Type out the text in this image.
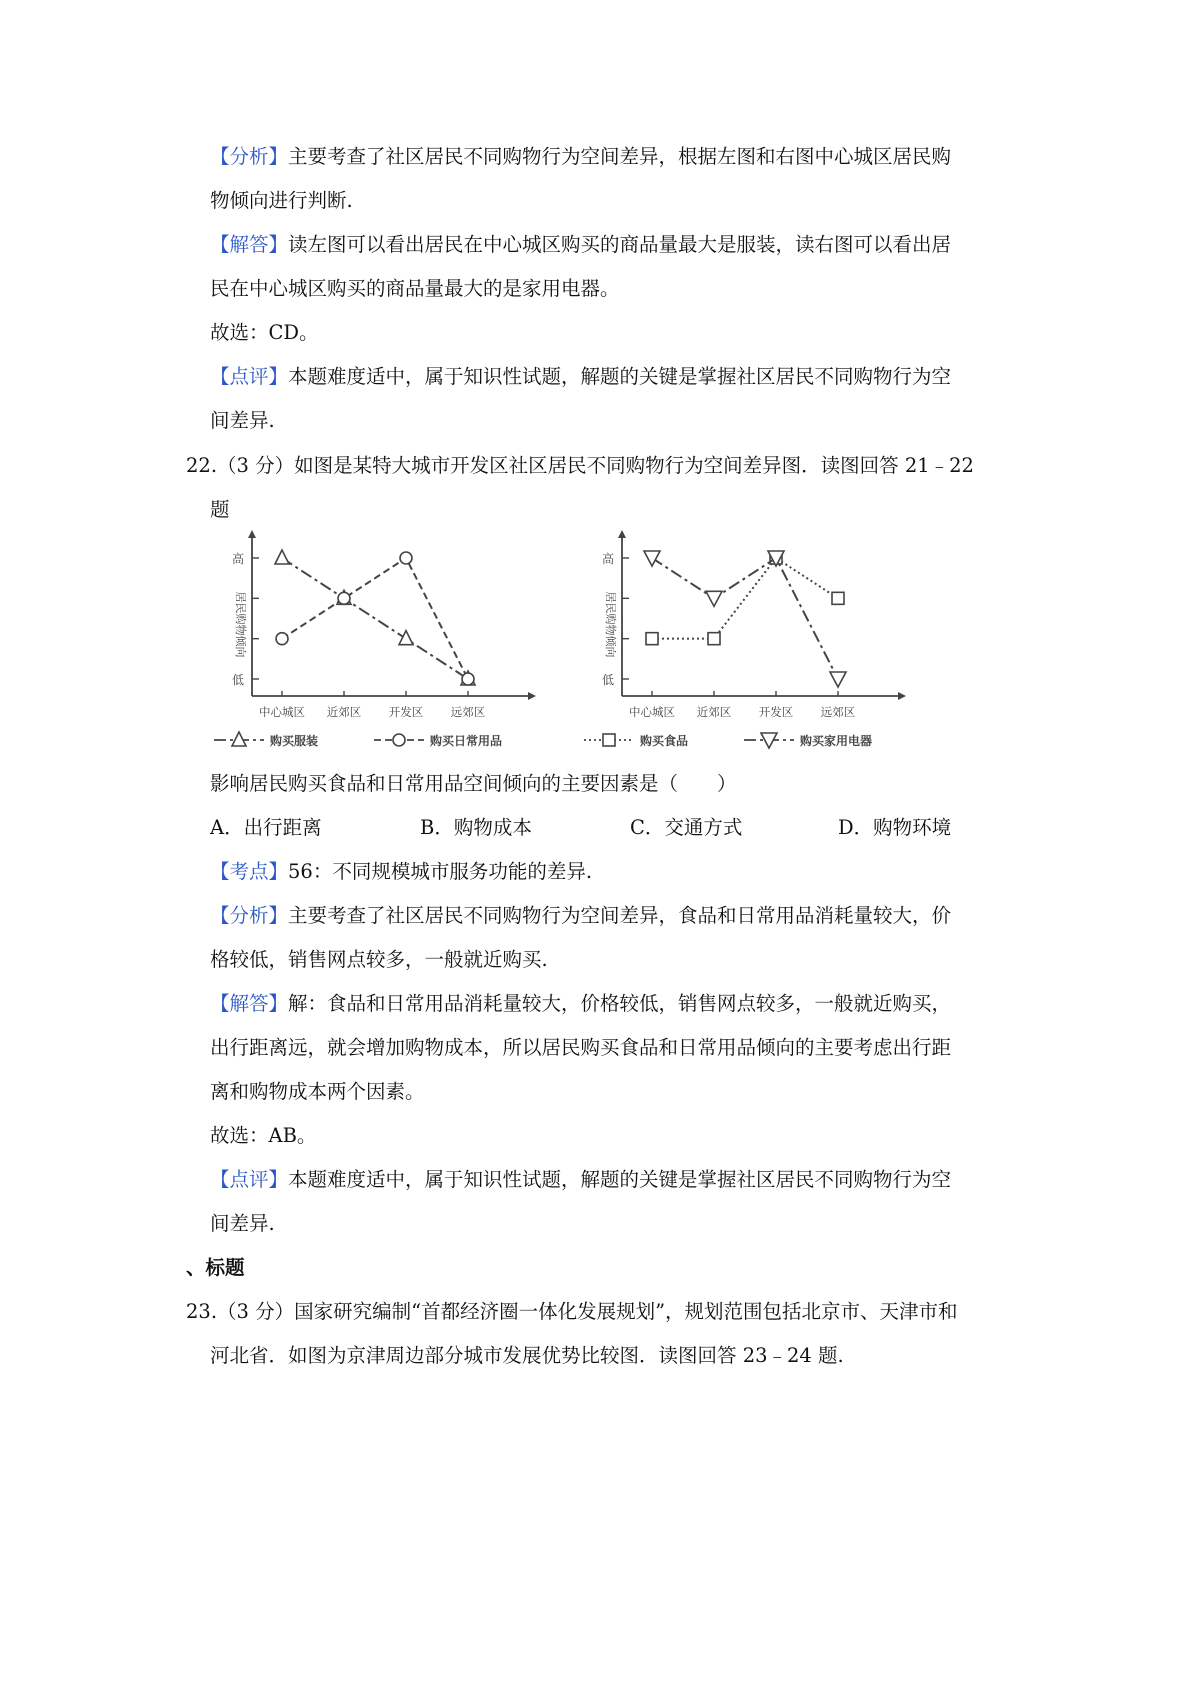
【分析】主要考查了社区居民不同购物行为空间差异，根据左图和右图中心城区居民购

物倾向进行判断.

【解答】读左图可以看出居民在中心城区购买的商品量最大是服装，读右图可以看出居

民在中心城区购买的商品量最大的是家用电器。

故选：CD。

【点评】本题难度适中，属于知识性试题，解题的关键是掌握社区居民不同购物行为空

间差异.

22.（3 分）如图是某特大城市开发区社区居民不同购物行为空间差异图．读图回答 21﹣22

题

低
高
居民购物倾向
中心城区 近郊区 开发区 远郊区
购买服装	购买日常用品
低
高
居民购物倾向
中心城区 近郊区 开发区 远郊区
购买食品	购买家用电器

影响居民购买食品和日常用品空间倾向的主要因素是（　　）

A．出行距离	B．购物成本	C．交通方式	D．购物环境

【考点】56：不同规模城市服务功能的差异.

【分析】主要考查了社区居民不同购物行为空间差异，食品和日常用品消耗量较大，价

格较低，销售网点较多，一般就近购买.

【解答】解：食品和日常用品消耗量较大，价格较低，销售网点较多，一般就近购买，

出行距离远，就会增加购物成本，所以居民购买食品和日常用品倾向的主要考虑出行距

离和购物成本两个因素。

故选：AB。

【点评】本题难度适中，属于知识性试题，解题的关键是掌握社区居民不同购物行为空

间差异.

、标题

23.（3 分）国家研究编制“首都经济圈一体化发展规划”，规划范围包括北京市、天津市和

河北省．如图为京津周边部分城市发展优势比较图．读图回答 23﹣24 题.
